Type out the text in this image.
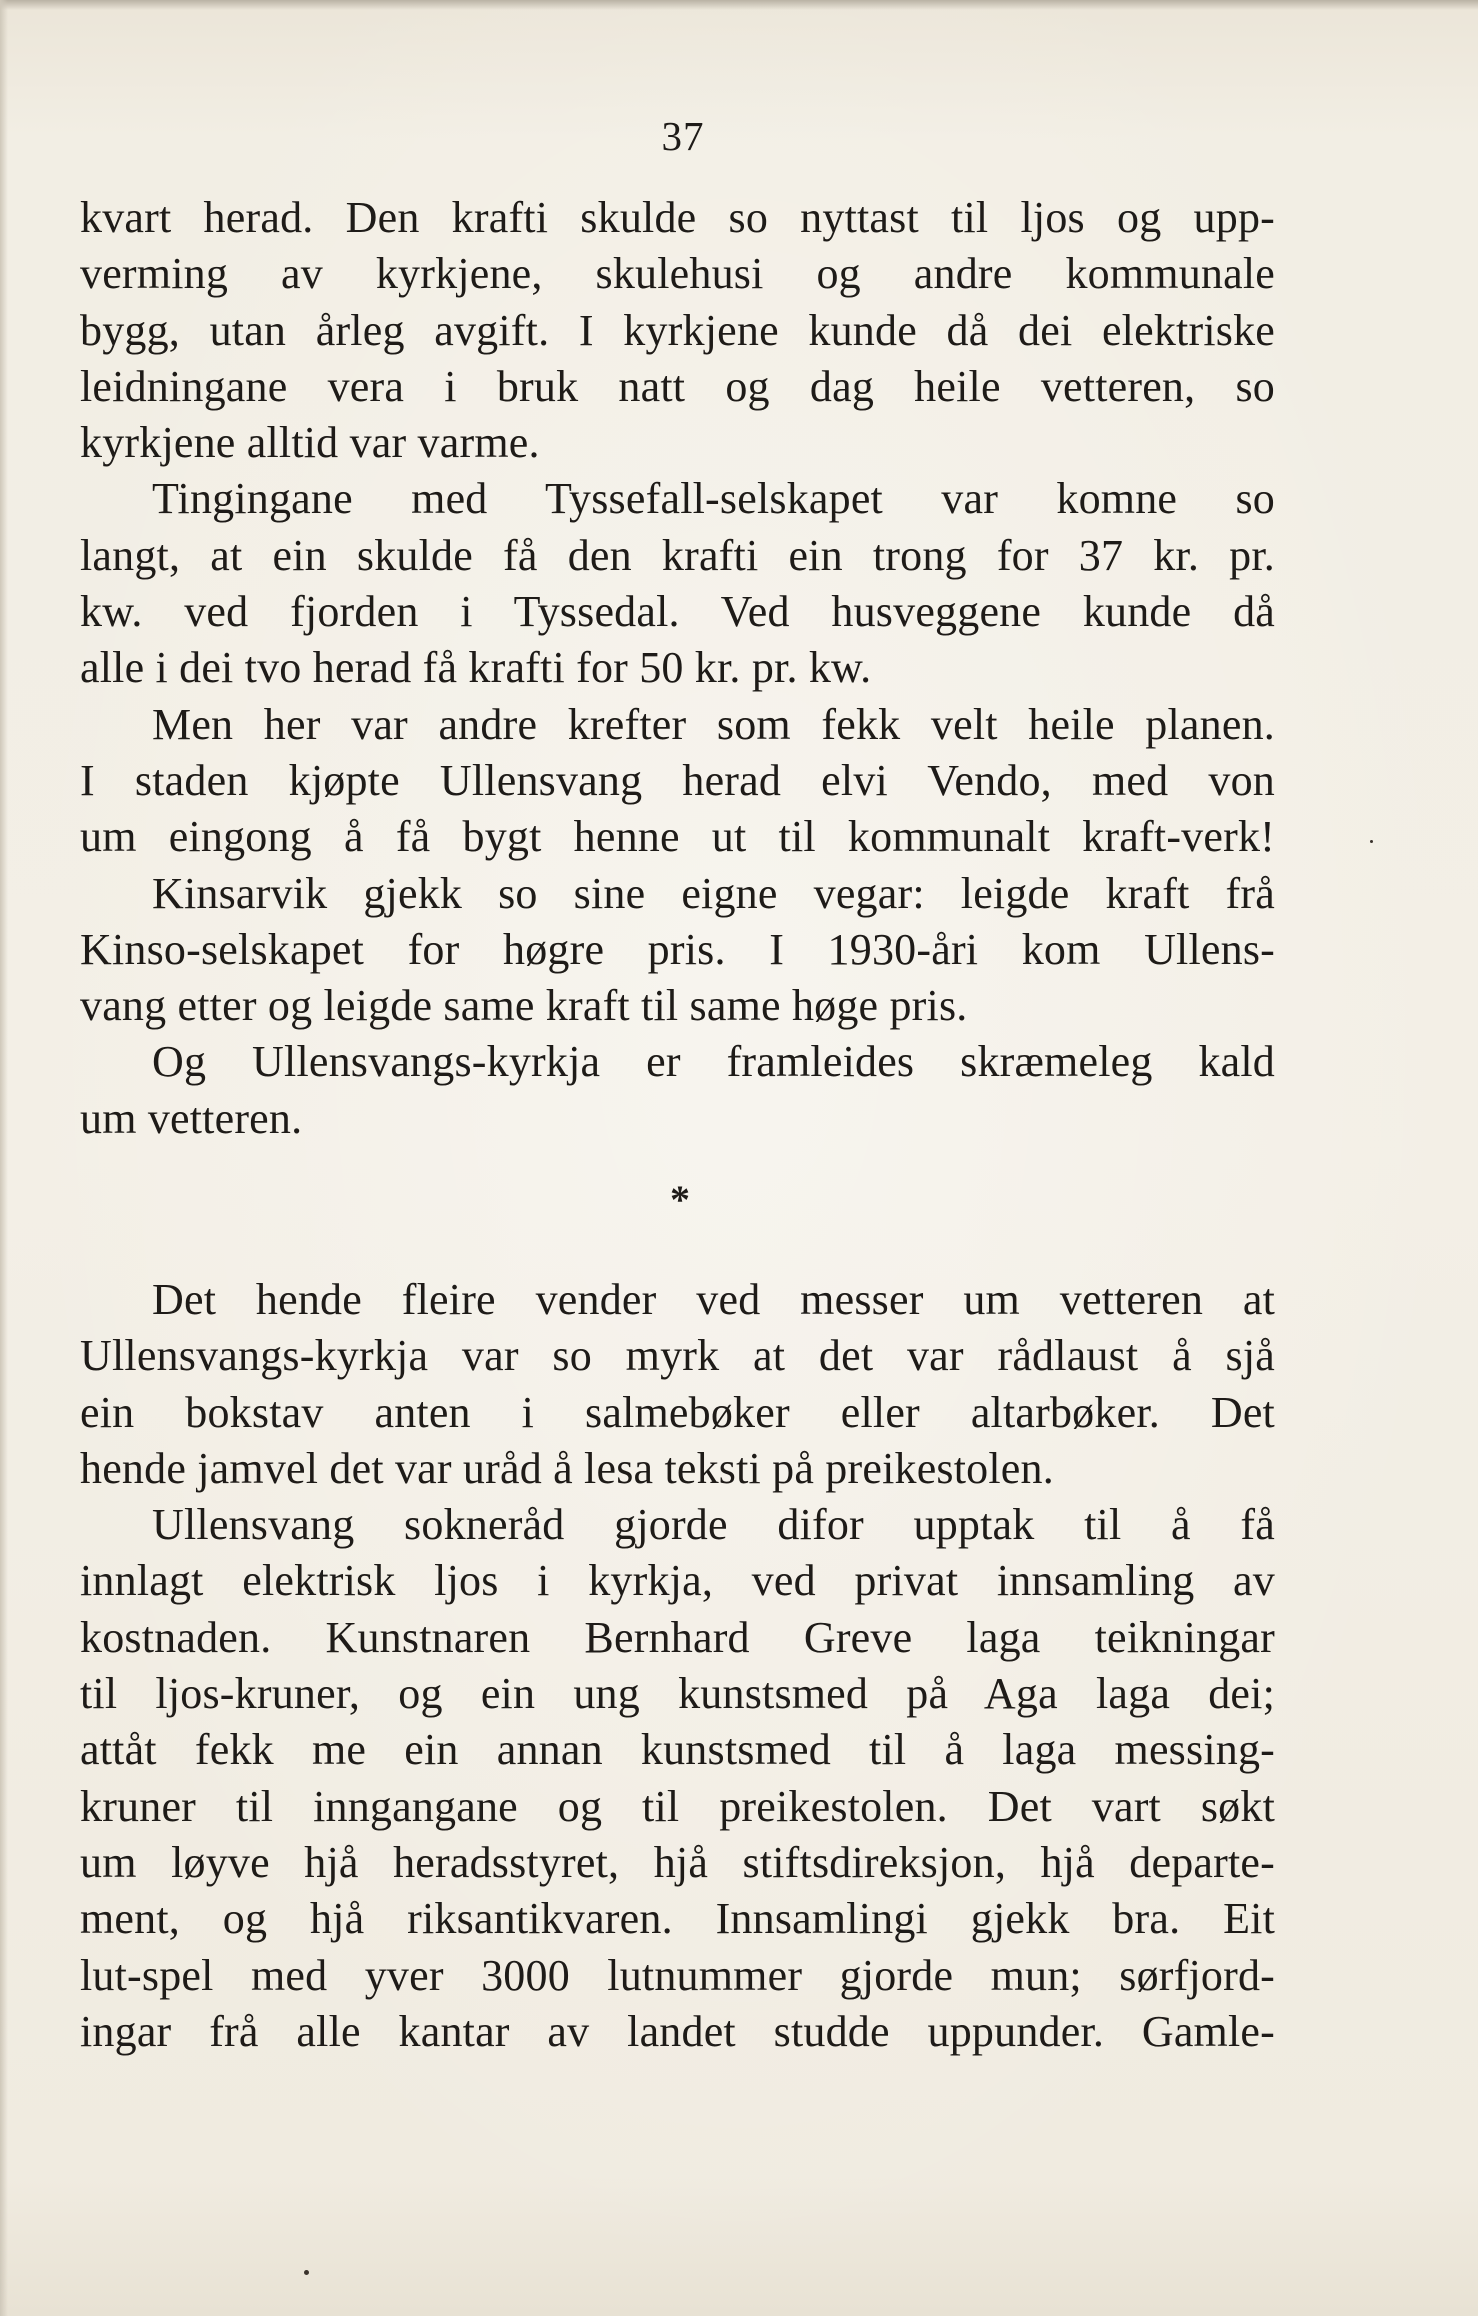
37
kvart herad. Den krafti skulde so nyttast til ljos og upp-
verming av kyrkjene, skulehusi og andre kommunale
bygg, utan årleg avgift. I kyrkjene kunde då dei elektriske
leidningane vera i bruk natt og dag heile vetteren, so
kyrkjene alltid var varme.
Tingingane med Tyssefall-selskapet var komne so
langt, at ein skulde få den krafti ein trong for 37 kr. pr.
kw. ved fjorden i Tyssedal. Ved husveggene kunde då
alle i dei tvo herad få krafti for 50 kr. pr. kw.
Men her var andre krefter som fekk velt heile planen.
I staden kjøpte Ullensvang herad elvi Vendo, med von
um eingong å få bygt henne ut til kommunalt kraft-verk!
Kinsarvik gjekk so sine eigne vegar: leigde kraft frå
Kinso-selskapet for høgre pris. I 1930-åri kom Ullens-
vang etter og leigde same kraft til same høge pris.
Og Ullensvangs-kyrkja er framleides skræmeleg kald
um vetteren.
*
Det hende fleire vender ved messer um vetteren at
Ullensvangs-kyrkja var so myrk at det var rådlaust å sjå
ein bokstav anten i salmebøker eller altarbøker. Det
hende jamvel det var uråd å lesa teksti på preikestolen.
Ullensvang sokneråd gjorde difor upptak til å få
innlagt elektrisk ljos i kyrkja, ved privat innsamling av
kostnaden. Kunstnaren Bernhard Greve laga teikningar
til ljos-kruner, og ein ung kunstsmed på Aga laga dei;
attåt fekk me ein annan kunstsmed til å laga messing-
kruner til inngangane og til preikestolen. Det vart søkt
um løyve hjå heradsstyret, hjå stiftsdireksjon, hjå departe-
ment, og hjå riksantikvaren. Innsamlingi gjekk bra. Eit
lut-spel med yver 3000 lutnummer gjorde mun; sørfjord-
ingar frå alle kantar av landet studde uppunder. Gamle-
